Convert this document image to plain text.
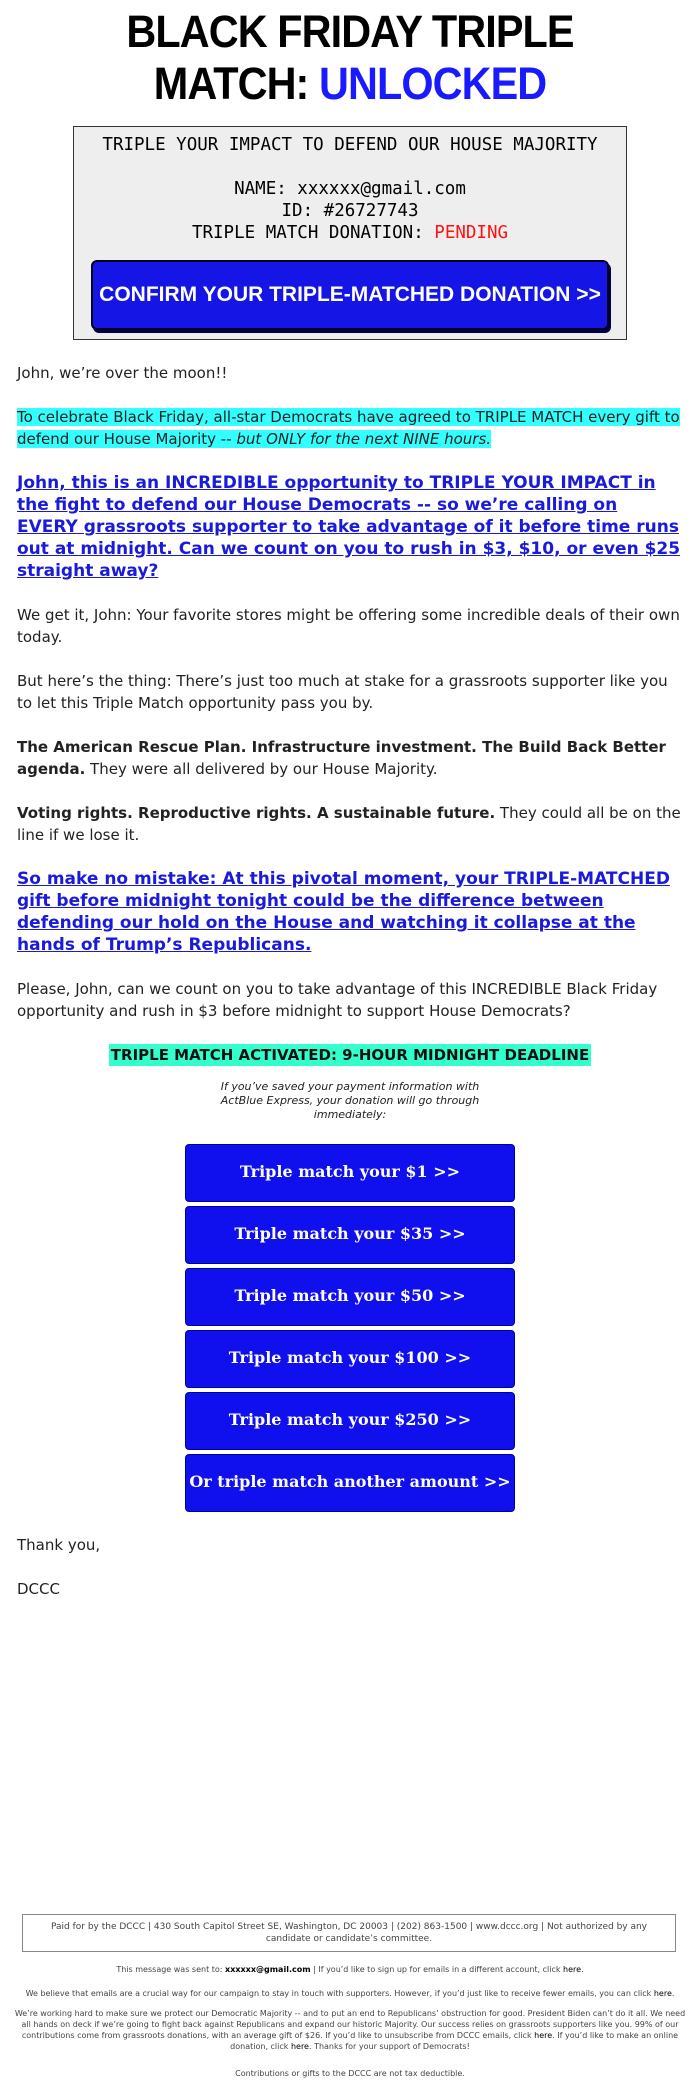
BLACK FRIDAY TRIPLE
MATCH: UNLOCKED

TRIPLE YOUR IMPACT TO DEFEND OUR HOUSE MAJORITY

NAME: xxxxxx@gmail.com

ID: #26727743

TRIPLE MATCH DONATION: PENDING

CONFIRM YOUR TRIPLE-MATCHED DONATION >>

John, we’re over the moon!!

To celebrate Black Friday, all-star Democrats have agreed to TRIPLE MATCH every gift to defend our House Majority -- but ONLY for the next NINE hours.

John, this is an INCREDIBLE opportunity to TRIPLE YOUR IMPACT in the fight to defend our House Democrats -- so we’re calling on EVERY grassroots supporter to take advantage of it before time runs out at midnight. Can we count on you to rush in $3, $10, or even $25 straight away?

We get it, John: Your favorite stores might be offering some incredible deals of their own today.

But here’s the thing: There’s just too much at stake for a grassroots supporter like you to let this Triple Match opportunity pass you by.

The American Rescue Plan. Infrastructure investment. The Build Back Better agenda. They were all delivered by our House Majority.

Voting rights. Reproductive rights. A sustainable future. They could all be on the line if we lose it.

So make no mistake: At this pivotal moment, your TRIPLE-MATCHED gift before midnight tonight could be the difference between defending our hold on the House and watching it collapse at the hands of Trump’s Republicans.

Please, John, can we count on you to take advantage of this INCREDIBLE Black Friday opportunity and rush in $3 before midnight to support House Democrats?

TRIPLE MATCH ACTIVATED: 9-HOUR MIDNIGHT DEADLINE

If you’ve saved your payment information with ActBlue Express, your donation will go through immediately:

Triple match your $1 >>
Triple match your $35 >>
Triple match your $50 >>
Triple match your $100 >>
Triple match your $250 >>
Or triple match another amount >>

Thank you,

DCCC

Paid for by the DCCC | 430 South Capitol Street SE, Washington, DC 20003 | (202) 863-1500 | www.dccc.org | Not authorized by any candidate or candidate’s committee.
This message was sent to: xxxxxx@gmail.com | If you’d like to sign up for emails in a different account, click here.
We believe that emails are a crucial way for our campaign to stay in touch with supporters. However, if you’d just like to receive fewer emails, you can click here.
We’re working hard to make sure we protect our Democratic Majority -- and to put an end to Republicans’ obstruction for good. President Biden can’t do it all. We need all hands on deck if we’re going to fight back against Republicans and expand our historic Majority. Our success relies on grassroots supporters like you. 99% of our contributions come from grassroots donations, with an average gift of $26. If you’d like to unsubscribe from DCCC emails, click here. If you’d like to make an online donation, click here. Thanks for your support of Democrats!
Contributions or gifts to the DCCC are not tax deductible.
